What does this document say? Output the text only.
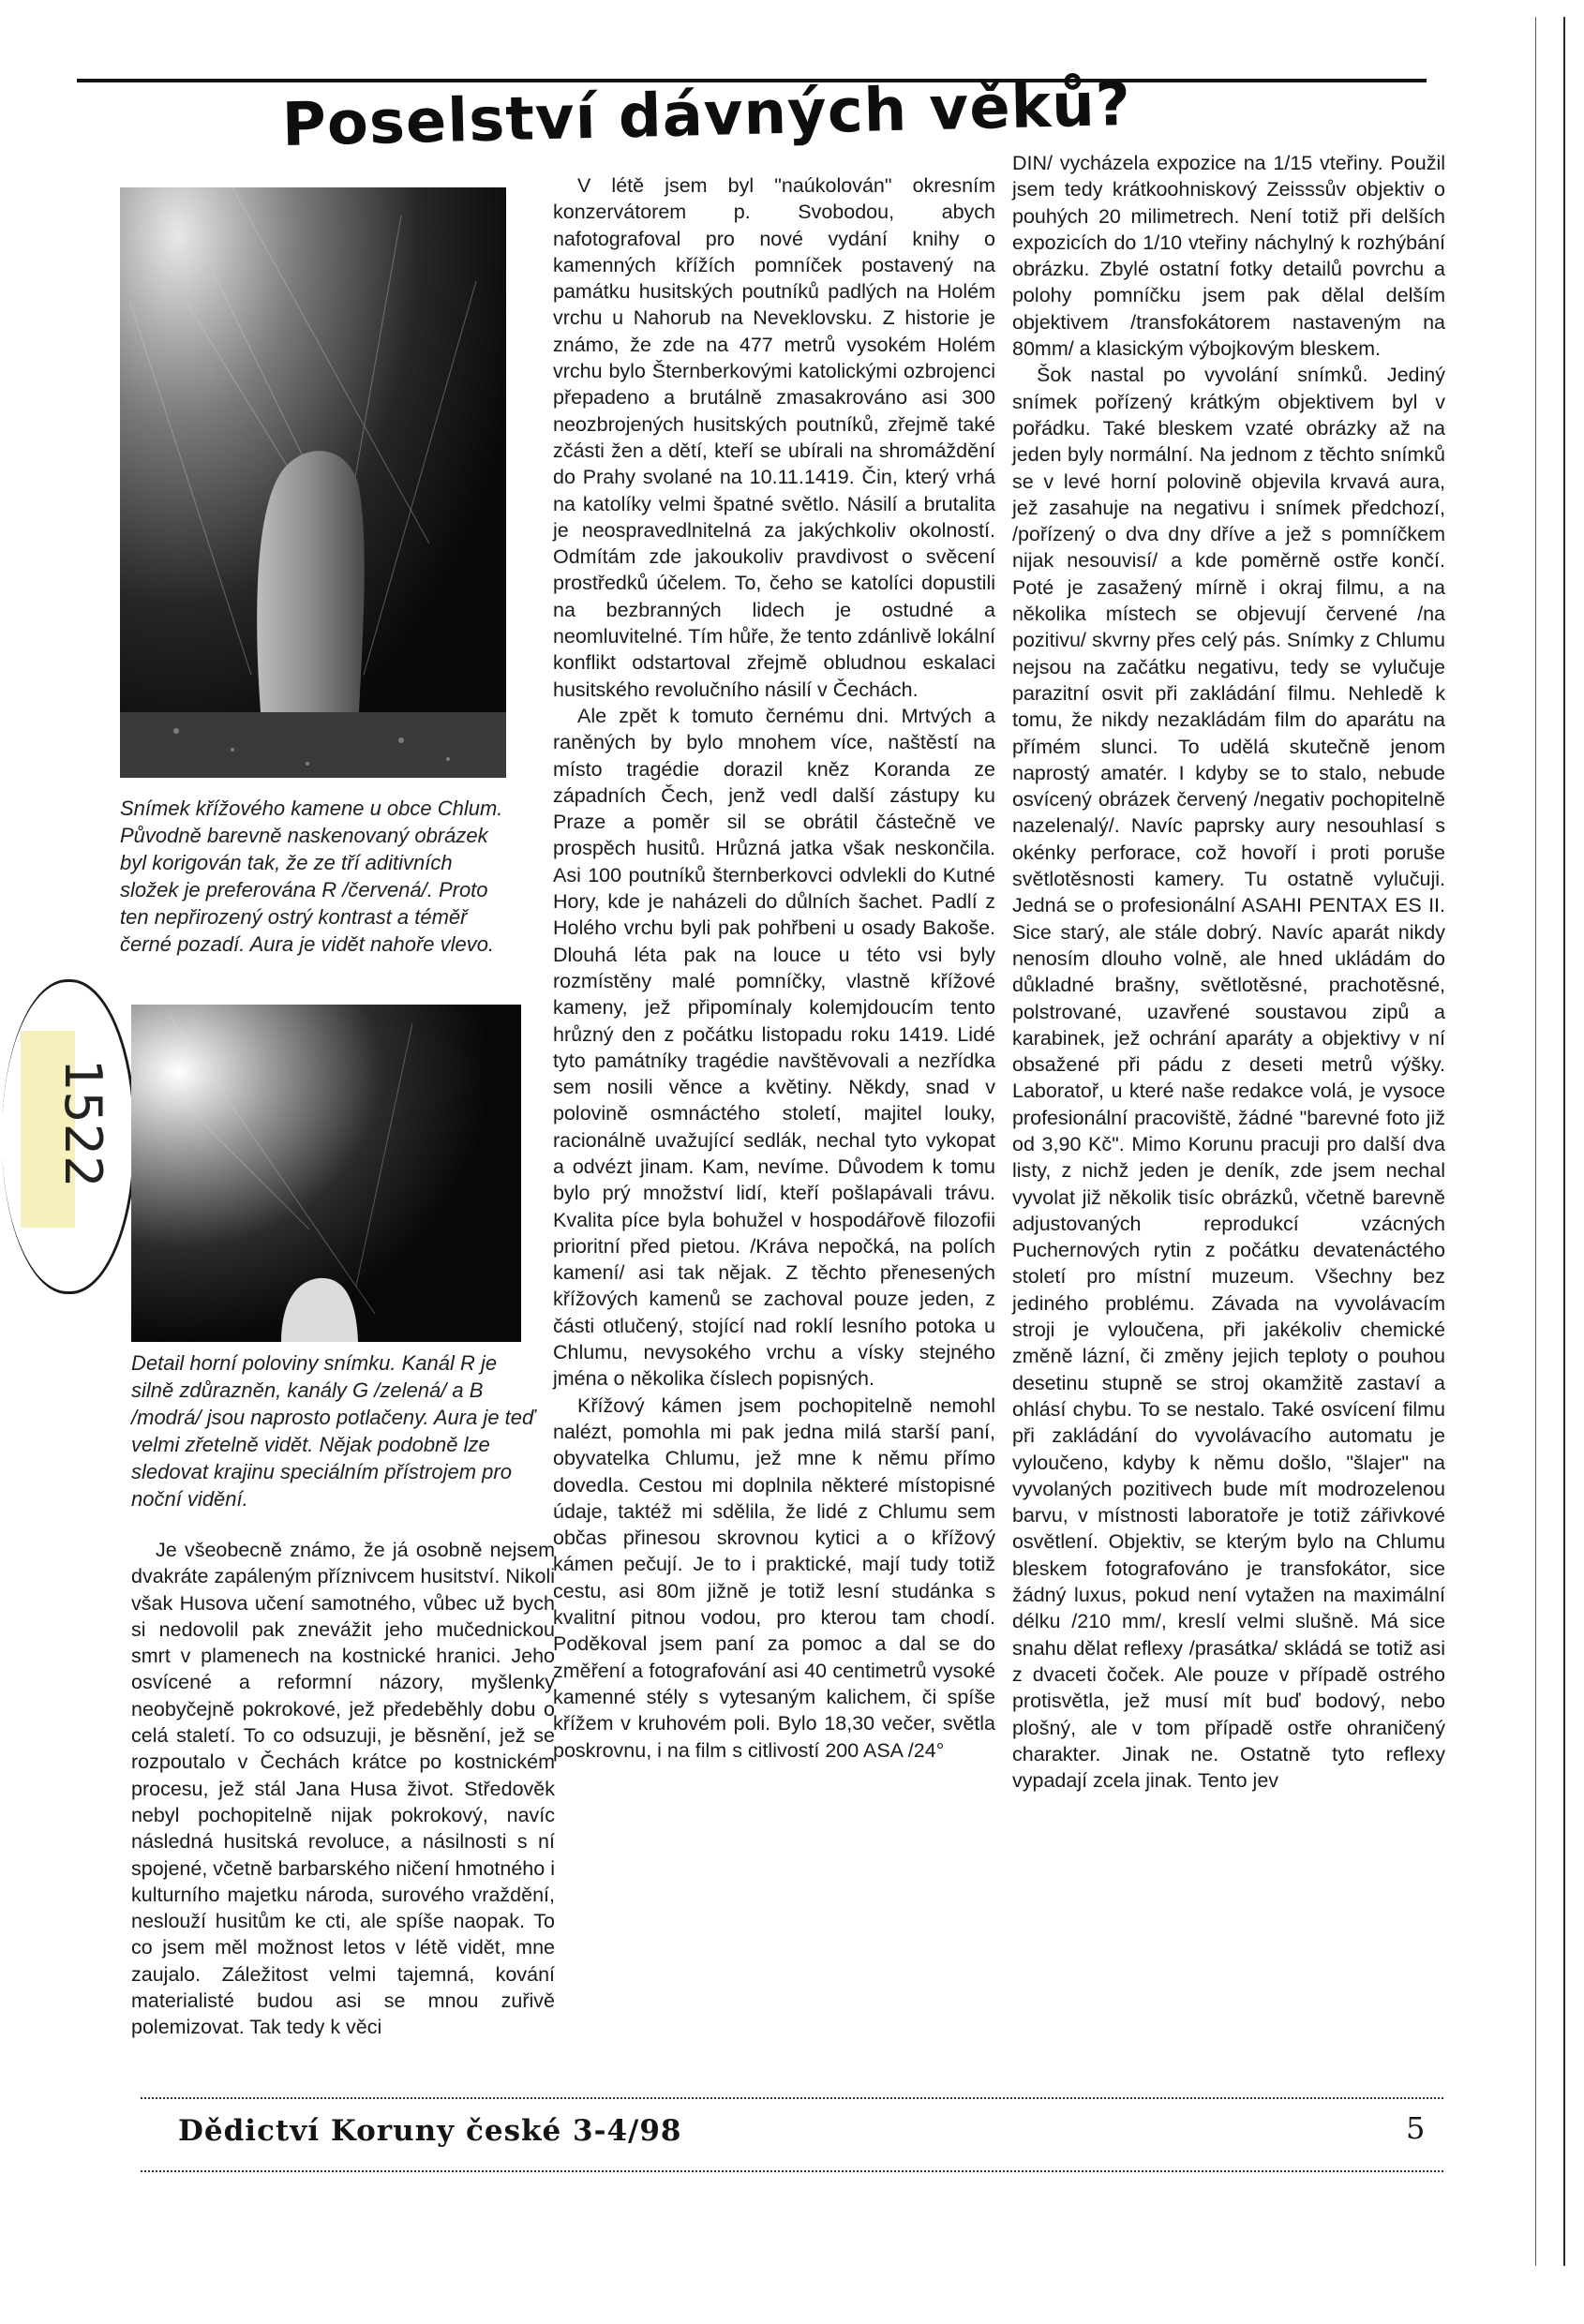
Poselství dávných věků?
Snímek křížového kamene u obce Chlum. Původně barevně naskenovaný obrázek byl korigován tak, že ze tří aditivních složek je preferována R /červená/. Proto ten nepřirozený ostrý kontrast a téměř černé pozadí. Aura je vidět nahoře vlevo.
1522
Detail horní poloviny snímku. Kanál R je silně zdůrazněn, kanály G /zelená/ a B /modrá/ jsou naprosto potlačeny. Aura je teď velmi zřetelně vidět. Nějak podobně lze sledovat krajinu speciálním přístrojem pro noční vidění.

Je všeobecně známo, že já osobně nejsem dvakráte zapáleným příznivcem husitství. Nikoli však Husova učení samotného, vůbec už bych si nedovolil pak znevážit jeho mučednickou smrt v plamenech na kostnické hranici. Jeho osvícené a reformní názory, myšlenky neobyčejně pokrokové, jež předeběhly dobu o celá staletí. To co odsuzuji, je běsnění, jež se rozpoutalo v Čechách krátce po kostnickém procesu, jež stál Jana Husa život. Středověk nebyl pochopitelně nijak pokrokový, navíc následná husitská revoluce, a násilnosti s ní spojené, včetně barbarského ničení hmotného i kulturního majetku národa, surového vraždění, neslouží husitům ke cti, ale spíše naopak. To co jsem měl možnost letos v létě vidět, mne zaujalo. Záležitost velmi tajemná, kování materialisté budou asi se mnou zuřivě polemizovat. Tak tedy k věci

V létě jsem byl "naúkolován" okresním konzervátorem p. Svobodou, abych nafotografoval pro nové vydání knihy o kamenných křížích pomníček postavený na památku husitských poutníků padlých na Holém vrchu u Nahorub na Neveklovsku. Z historie je známo, že zde na 477 metrů vysokém Holém vrchu bylo Šternberkovými katolickými ozbrojenci přepadeno a brutálně zmasakrováno asi 300 neozbrojených husitských poutníků, zřejmě také zčásti žen a dětí, kteří se ubírali na shromáždění do Prahy svolané na 10.11.1419. Čin, který vrhá na katolíky velmi špatné světlo. Násilí a brutalita je neospravedlnitelná za jakýchkoliv okolností. Odmítám zde jakoukoliv pravdivost o svěcení prostředků účelem. To, čeho se katolíci dopustili na bezbranných lidech je ostudné a neomluvitelné. Tím hůře, že tento zdánlivě lokální konflikt odstartoval zřejmě obludnou eskalaci husitského revolučního násilí v Čechách.

Ale zpět k tomuto černému dni. Mrtvých a raněných by bylo mnohem více, naštěstí na místo tragédie dorazil kněz Koranda ze západních Čech, jenž vedl další zástupy ku Praze a poměr sil se obrátil částečně ve prospěch husitů. Hrůzná jatka však neskončila. Asi 100 poutníků šternberkovci odvlekli do Kutné Hory, kde je naházeli do důlních šachet. Padlí z Holého vrchu byli pak pohřbeni u osady Bakoše. Dlouhá léta pak na louce u této vsi byly rozmístěny malé pomníčky, vlastně křížové kameny, jež připomínaly kolemjdoucím tento hrůzný den z počátku listopadu roku 1419. Lidé tyto památníky tragédie navštěvovali a nezřídka sem nosili věnce a květiny. Někdy, snad v polovině osmnáctého století, majitel louky, racionálně uvažující sedlák, nechal tyto vykopat a odvézt jinam. Kam, nevíme. Důvodem k tomu bylo prý množství lidí, kteří pošlapávali trávu. Kvalita píce byla bohužel v hospodářově filozofii prioritní před pietou. /Kráva nepočká, na polích kamení/ asi tak nějak. Z těchto přenesených křížových kamenů se zachoval pouze jeden, z části otlučený, stojící nad roklí lesního potoka u Chlumu, nevysokého vrchu a vísky stejného jména o několika číslech popisných.

Křížový kámen jsem pochopitelně nemohl nalézt, pomohla mi pak jedna milá starší paní, obyvatelka Chlumu, jež mne k němu přímo dovedla. Cestou mi doplnila některé místopisné údaje, taktéž mi sdělila, že lidé z Chlumu sem občas přinesou skrovnou kytici a o křížový kámen pečují. Je to i praktické, mají tudy totiž cestu, asi 80m jižně je totiž lesní studánka s kvalitní pitnou vodou, pro kterou tam chodí. Poděkoval jsem paní za pomoc a dal se do změření a fotografování asi 40 centimetrů vysoké kamenné stély s vytesaným kalichem, či spíše křížem v kruhovém poli. Bylo 18,30 večer, světla poskrovnu, i na film s citlivostí 200 ASA /24°

DIN/ vycházela expozice na 1/15 vteřiny. Použil jsem tedy krátkoohniskový Zeisssův objektiv o pouhých 20 milimetrech. Není totiž při delších expozicích do 1/10 vteřiny náchylný k rozhýbání obrázku. Zbylé ostatní fotky detailů povrchu a polohy pomníčku jsem pak dělal delším objektivem /transfokátorem nastaveným na 80mm/ a klasickým výbojkovým bleskem.

Šok nastal po vyvolání snímků. Jediný snímek pořízený krátkým objektivem byl v pořádku. Také bleskem vzaté obrázky až na jeden byly normální. Na jednom z těchto snímků se v levé horní polovině objevila krvavá aura, jež zasahuje na negativu i snímek předchozí, /pořízený o dva dny dříve a jež s pomníčkem nijak nesouvisí/ a kde poměrně ostře končí. Poté je zasažený mírně i okraj filmu, a na několika místech se objevují červené /na pozitivu/ skvrny přes celý pás. Snímky z Chlumu nejsou na začátku negativu, tedy se vylučuje parazitní osvit při zakládání filmu. Nehledě k tomu, že nikdy nezakládám film do aparátu na přímém slunci. To udělá skutečně jenom naprostý amatér. I kdyby se to stalo, nebude osvícený obrázek červený /negativ pochopitelně nazelenalý/. Navíc paprsky aury nesouhlasí s okénky perforace, což hovoří i proti poruše světlotěsnosti kamery. Tu ostatně vylučuji. Jedná se o profesionální ASAHI PENTAX ES II. Sice starý, ale stále dobrý. Navíc aparát nikdy nenosím dlouho volně, ale hned ukládám do důkladné brašny, světlotěsné, prachotěsné, polstrované, uzavřené soustavou zipů a karabinek, jež ochrání aparáty a objektivy v ní obsažené při pádu z deseti metrů výšky. Laboratoř, u které naše redakce volá, je vysoce profesionální pracoviště, žádné "barevné foto již od 3,90 Kč". Mimo Korunu pracuji pro další dva listy, z nichž jeden je deník, zde jsem nechal vyvolat již několik tisíc obrázků, včetně barevně adjustovaných reprodukcí vzácných Puchernových rytin z počátku devatenáctého století pro místní muzeum. Všechny bez jediného problému. Závada na vyvolávacím stroji je vyloučena, při jakékoliv chemické změně lázní, či změny jejich teploty o pouhou desetinu stupně se stroj okamžitě zastaví a ohlásí chybu. To se nestalo. Také osvícení filmu při zakládání do vyvolávacího automatu je vyloučeno, kdyby k němu došlo, "šlajer" na vyvolaných pozitivech bude mít modrozelenou barvu, v místnosti laboratoře je totiž zářivkové osvětlení. Objektiv, se kterým bylo na Chlumu bleskem fotografováno je transfokátor, sice žádný luxus, pokud není vytažen na maximální délku /210 mm/, kreslí velmi slušně. Má sice snahu dělat reflexy /prasátka/ skládá se totiž asi z dvaceti čoček. Ale pouze v případě ostrého protisvětla, jež musí mít buď bodový, nebo plošný, ale v tom případě ostře ohraničený charakter. Jinak ne. Ostatně tyto reflexy vypadají zcela jinak. Tento jev

Dědictví Koruny české 3-4/98	5
